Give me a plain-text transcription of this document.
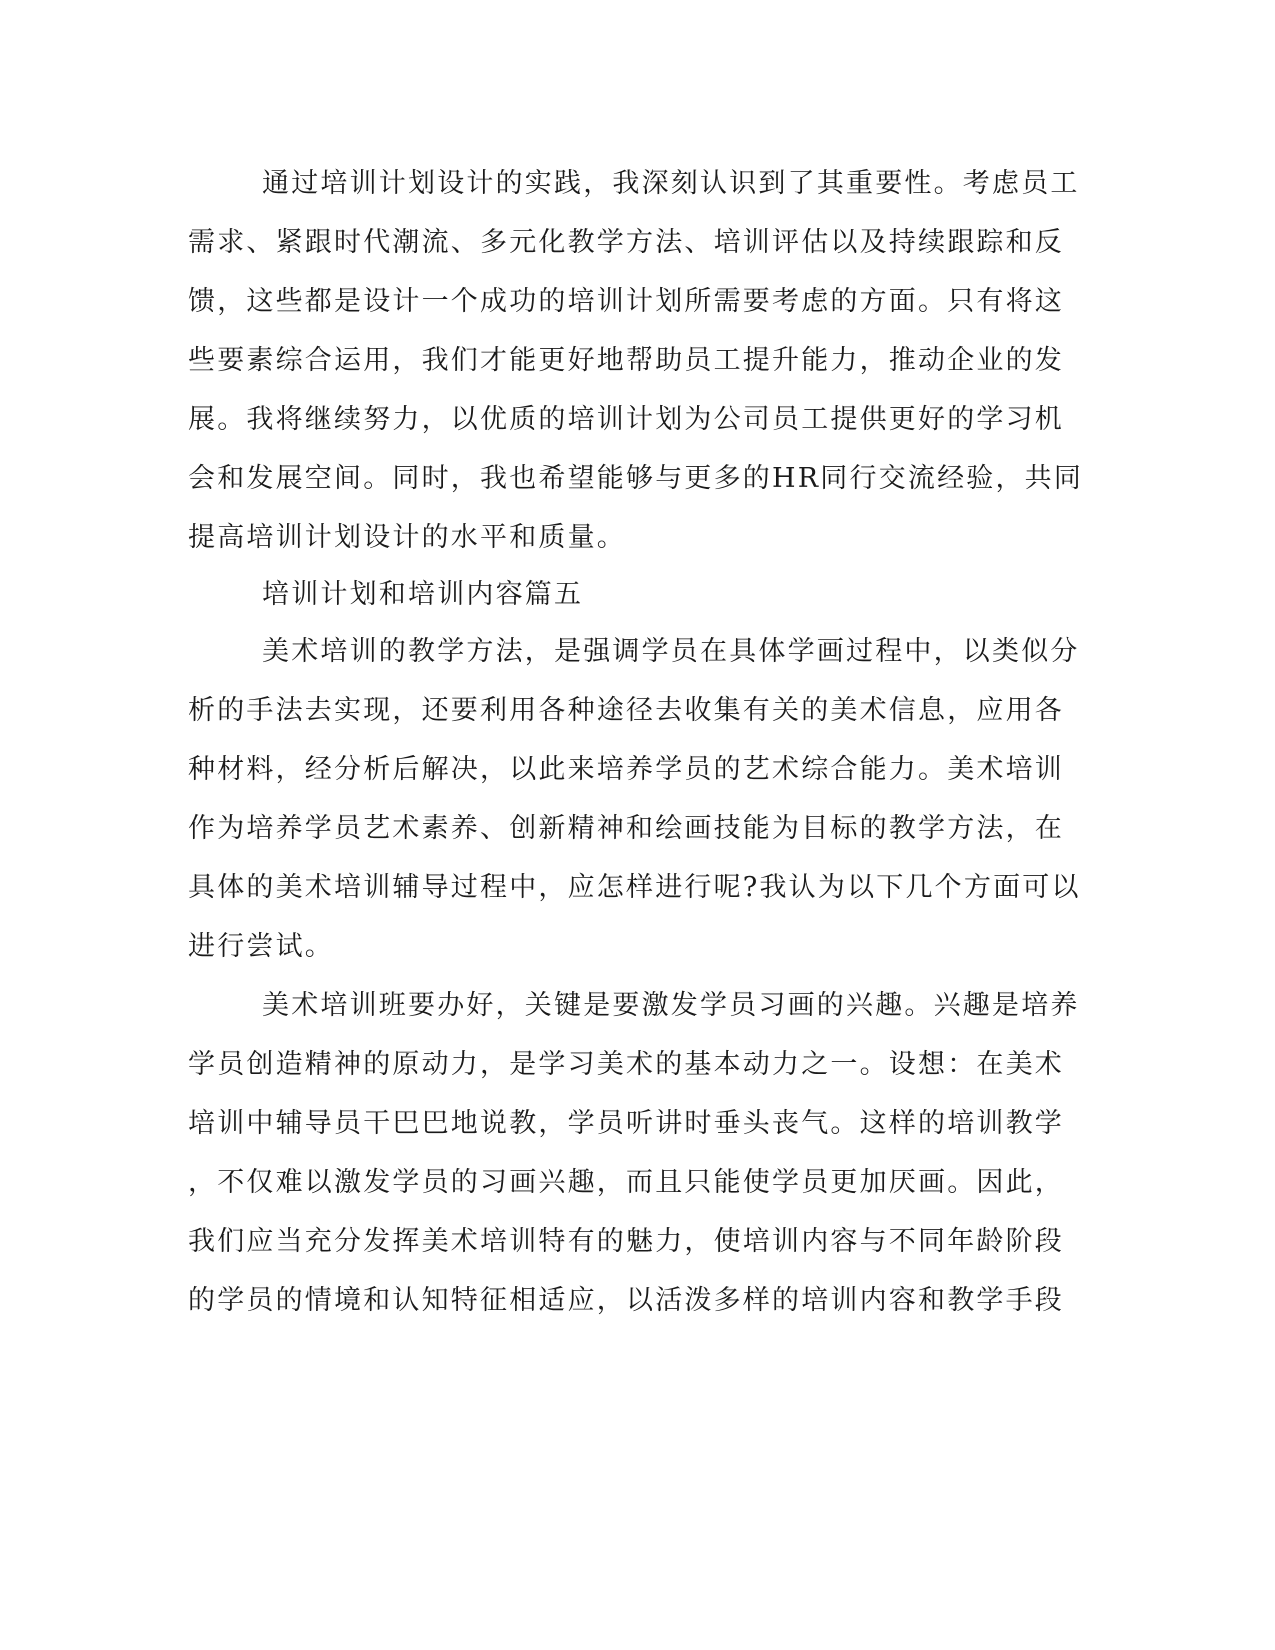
通过培训计划设计的实践，我深刻认识到了其重要性。考虑员工

需求、紧跟时代潮流、多元化教学方法、培训评估以及持续跟踪和反

馈，这些都是设计一个成功的培训计划所需要考虑的方面。只有将这

些要素综合运用，我们才能更好地帮助员工提升能力，推动企业的发

展。我将继续努力，以优质的培训计划为公司员工提供更好的学习机

会和发展空间。同时，我也希望能够与更多的HR同行交流经验，共同

提高培训计划设计的水平和质量。

培训计划和培训内容篇五

美术培训的教学方法，是强调学员在具体学画过程中，以类似分

析的手法去实现，还要利用各种途径去收集有关的美术信息，应用各

种材料，经分析后解决，以此来培养学员的艺术综合能力。美术培训

作为培养学员艺术素养、创新精神和绘画技能为目标的教学方法，在

具体的美术培训辅导过程中，应怎样进行呢?我认为以下几个方面可以

进行尝试。

美术培训班要办好，关键是要激发学员习画的兴趣。兴趣是培养

学员创造精神的原动力，是学习美术的基本动力之一。设想：在美术

培训中辅导员干巴巴地说教，学员听讲时垂头丧气。这样的培训教学

，不仅难以激发学员的习画兴趣，而且只能使学员更加厌画。因此，

我们应当充分发挥美术培训特有的魅力，使培训内容与不同年龄阶段

的学员的情境和认知特征相适应，以活泼多样的培训内容和教学手段
